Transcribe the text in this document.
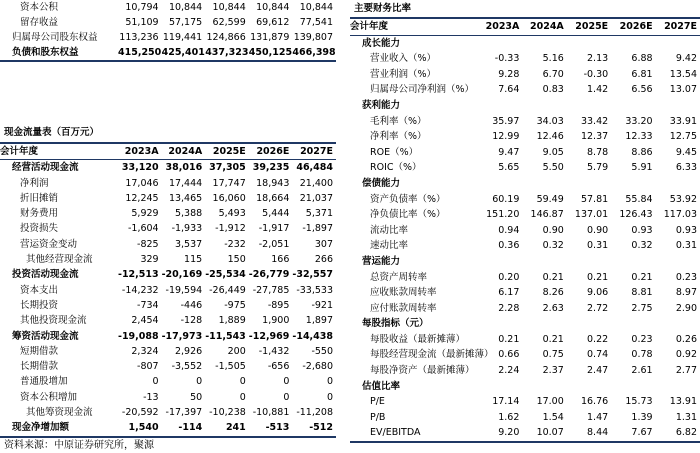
资本公积	10,794	10,844	10,844	10,844	10,844
留存收益	51,109	57,175	62,599	69,612	77,541
归属母公司股东权益	113,236	119,441	124,866	131,879	139,807
负债和股东权益	415,250	425,401	437,323	450,125	466,398
现金流量表（百万元）
会计年度	2023A	2024A	2025E	2026E	2027E
经营活动现金流	33,120	38,016	37,305	39,235	46,484
净利润	17,046	17,444	17,747	18,943	21,400
折旧摊销	12,245	13,465	16,060	18,664	21,037
财务费用	5,929	5,388	5,493	5,444	5,371
投资损失	-1,604	-1,933	-1,912	-1,917	-1,897
营运资金变动	-825	3,537	-232	-2,051	307
其他经营现金流	329	115	150	166	266
投资活动现金流	-12,513	-20,169	-25,534	-26,779	-32,557
资本支出	-14,232	-19,594	-26,449	-27,785	-33,533
长期投资	-734	-446	-975	-895	-921
其他投资现金流	2,454	-128	1,889	1,900	1,897
筹资活动现金流	-19,088	-17,973	-11,543	-12,969	-14,438
短期借款	2,324	2,926	200	-1,432	-550
长期借款	-807	-3,552	-1,505	-656	-2,680
普通股增加	0	0	0	0	0
资本公积增加	-13	50	0	0	0
其他筹资现金流	-20,592	-17,397	-10,238	-10,881	-11,208
现金净增加额	1,540	-114	241	-513	-512
主要财务比率
会计年度	2023A	2024A	2025E	2026E	2027E
成长能力					
营业收入（%）	-0.33	5.16	2.13	6.88	9.42
营业利润（%）	9.28	6.70	-0.30	6.81	13.54
归属母公司净利润（%）	7.64	0.83	1.42	6.56	13.07
获利能力					
毛利率（%）	35.97	34.03	33.42	33.20	33.91
净利率（%）	12.99	12.46	12.37	12.33	12.75
ROE（%）	9.47	9.05	8.78	8.86	9.45
ROIC（%）	5.65	5.50	5.79	5.91	6.33
偿债能力					
资产负债率（%）	60.19	59.49	57.81	55.84	53.92
净负债比率（%）	151.20	146.87	137.01	126.43	117.03
流动比率	0.94	0.90	0.90	0.93	0.93
速动比率	0.36	0.32	0.31	0.32	0.31
营运能力					
总资产周转率	0.20	0.21	0.21	0.21	0.23
应收账款周转率	6.17	8.26	9.06	8.81	8.97
应付账款周转率	2.28	2.63	2.72	2.75	2.90
每股指标（元）					
每股收益（最新摊薄）	0.21	0.21	0.22	0.23	0.26
每股经营现金流（最新摊薄）	0.66	0.75	0.74	0.78	0.92
每股净资产（最新摊薄）	2.24	2.37	2.47	2.61	2.77
估值比率					
P/E	17.14	17.00	16.76	15.73	13.91
P/B	1.62	1.54	1.47	1.39	1.31
EV/EBITDA	9.20	10.07	8.44	7.67	6.82
资料来源：中原证券研究所，聚源
